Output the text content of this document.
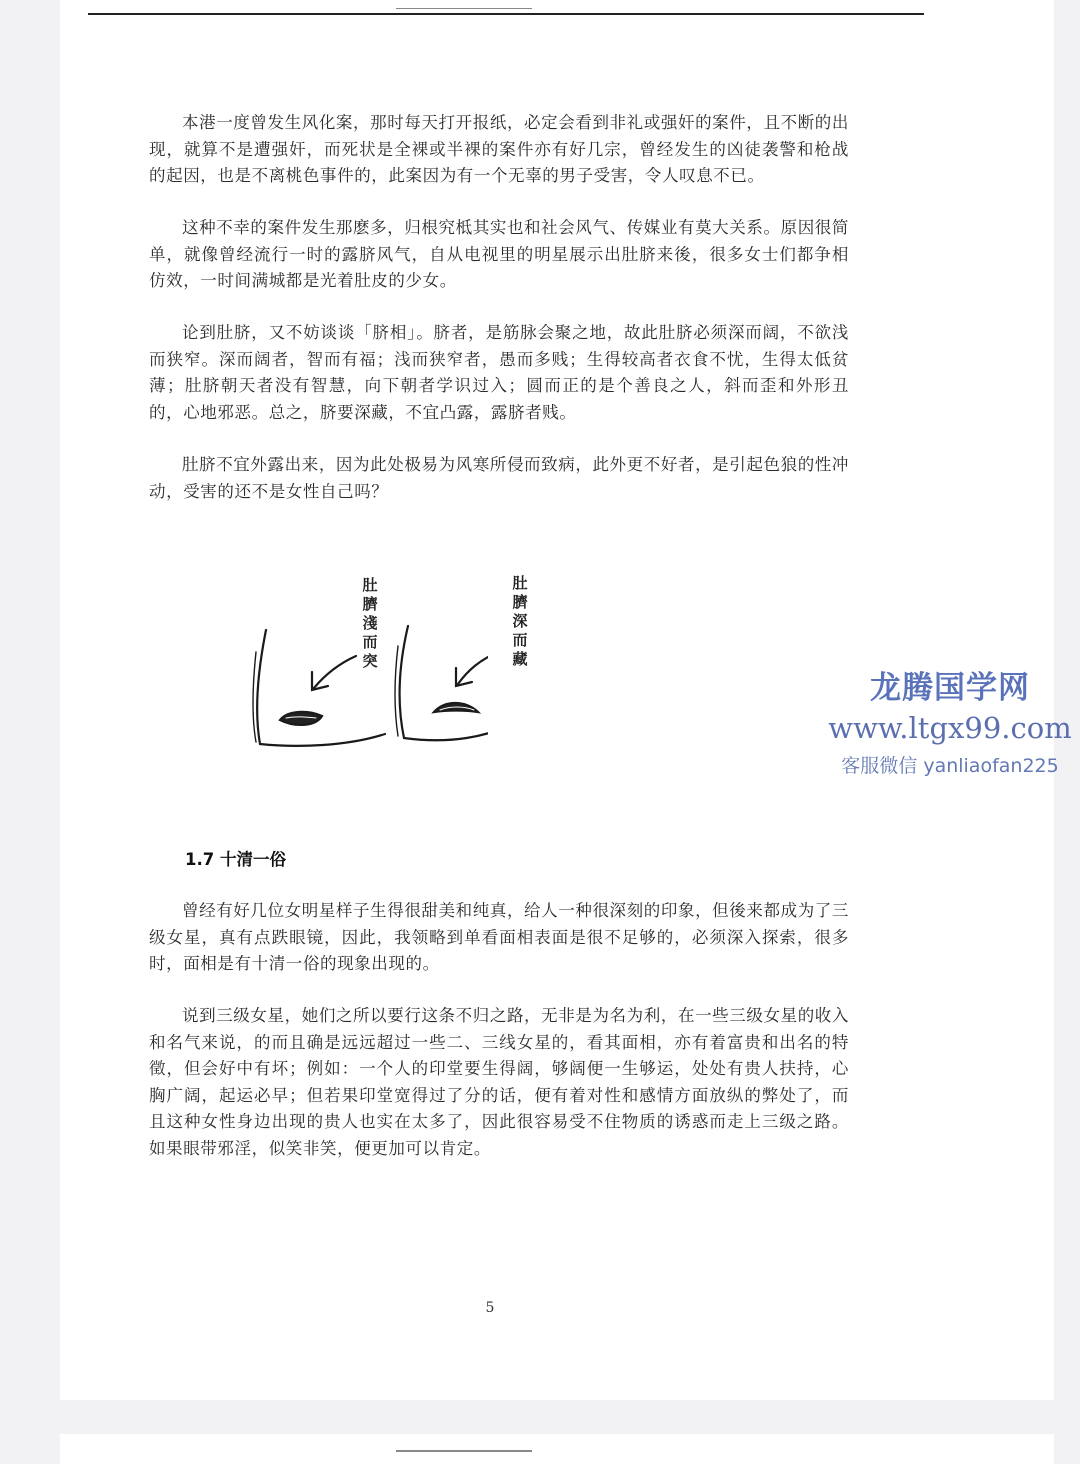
本港一度曾发生风化案，那时每天打开报纸，必定会看到非礼或强奸的案件，且不断的出现，就算不是遭强奸，而死状是全裸或半裸的案件亦有好几宗，曾经发生的凶徒袭警和枪战的起因，也是不离桃色事件的，此案因为有一个无辜的男子受害，令人叹息不已。

这种不幸的案件发生那麽多，归根究柢其实也和社会风气、传媒业有莫大关系。原因很简单，就像曾经流行一时的露脐风气，自从电视里的明星展示出肚脐来後，很多女士们都争相仿效，一时间满城都是光着肚皮的少女。

论到肚脐，又不妨谈谈「脐相」。脐者，是筋脉会聚之地，故此肚脐必须深而阔，不欲浅而狭窄。深而阔者，智而有福；浅而狭窄者，愚而多贱；生得较高者衣食不忧，生得太低贫薄；肚脐朝天者没有智慧，向下朝者学识过入；圆而正的是个善良之人，斜而歪和外形丑的，心地邪恶。总之，脐要深藏，不宜凸露，露脐者贱。

肚脐不宜外露出来，因为此处极易为风寒所侵而致病，此外更不好者，是引起色狼的性冲动，受害的还不是女性自己吗？

肚臍淺而突
肚臍深而藏
1.7 十清一俗

曾经有好几位女明星样子生得很甜美和纯真，给人一种很深刻的印象，但後来都成为了三级女星，真有点跌眼镜，因此，我领略到单看面相表面是很不足够的，必须深入探索，很多时，面相是有十清一俗的现象出现的。

说到三级女星，她们之所以要行这条不归之路，无非是为名为利，在一些三级女星的收入和名气来说，的而且确是远远超过一些二、三线女星的，看其面相，亦有着富贵和出名的特徵，但会好中有坏；例如：一个人的印堂要生得阔，够阔便一生够运，处处有贵人扶持，心胸广阔，起运必早；但若果印堂宽得过了分的话，便有着对性和感情方面放纵的弊处了，而且这种女性身边出现的贵人也实在太多了，因此很容易受不住物质的诱惑而走上三级之路。如果眼带邪淫，似笑非笑，便更加可以肯定。

5
龙腾国学网
www.ltgx99.com
客服微信 yanliaofan225
